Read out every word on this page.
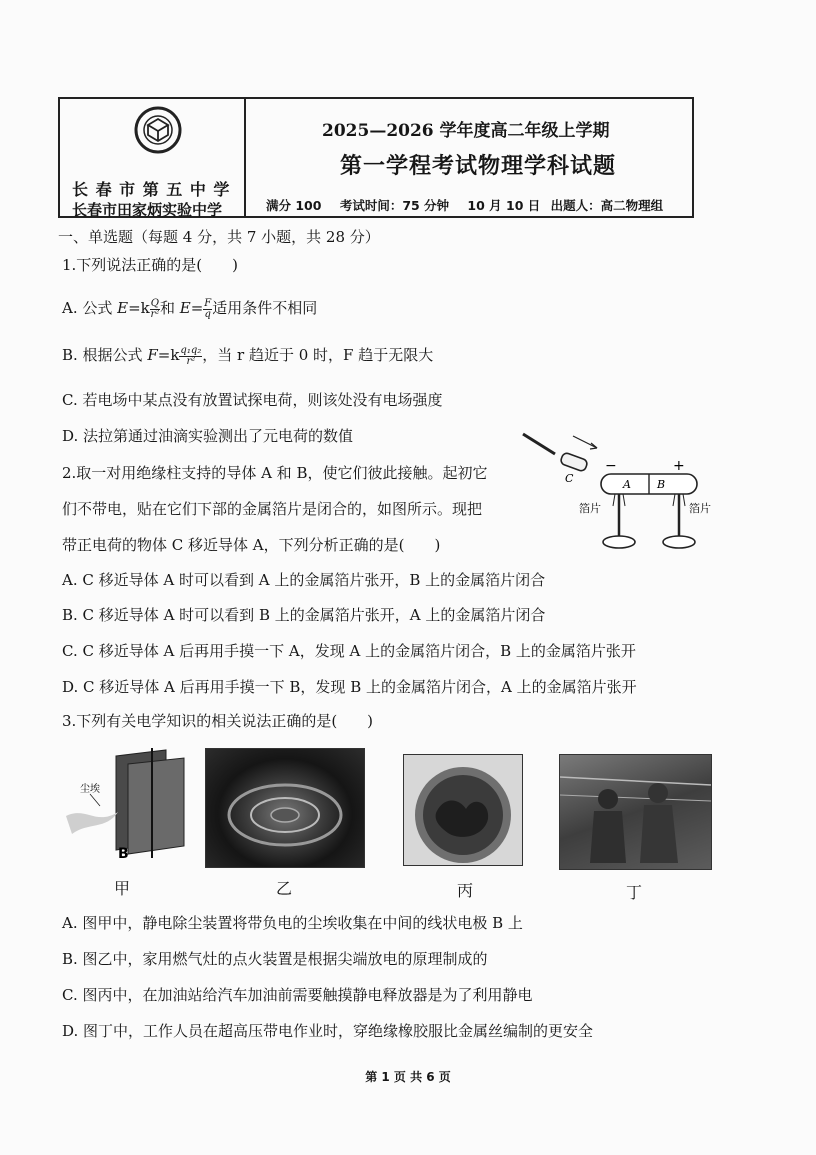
长 春 市 第 五 中 学
长春市田家炳实验中学
2025—2026 学年度高二年级上学期
第一学程考试物理学科试题
满分 100 考试时间：75 分钟 10 月 10 日 出题人：高二物理组
一、单选题（每题 4 分，共 7 小题，共 28 分）
1.下列说法正确的是(　　)
A. 公式 $E=k \frac{Q}{\text{r²}}$ 和 $E= \frac{F}{q}$ 适用条件不相同
B. 根据公式 $F=k \frac{\text{q₁q₂}}{\text{r²}}$ ，当 r 趋近于 0 时，F 趋于无限大
C. 若电场中某点没有放置试探电荷，则该处没有电场强度
D. 法拉第通过油滴实验测出了元电荷的数值
2.取一对用绝缘柱支持的导体 A 和 B，使它们彼此接触。起初它
们不带电，贴在它们下部的金属箔片是闭合的，如图所示。现把
带正电荷的物体 C 移近导体 A，下列分析正确的是(　　)
C	A B
−	+
箔片	箔片
A. C 移近导体 A 时可以看到 A 上的金属箔片张开，B 上的金属箔片闭合
B. C 移近导体 A 时可以看到 B 上的金属箔片张开，A 上的金属箔片闭合
C. C 移近导体 A 后再用手摸一下 A，发现 A 上的金属箔片闭合，B 上的金属箔片张开
D. C 移近导体 A 后再用手摸一下 B，发现 B 上的金属箔片闭合，A 上的金属箔片张开
3.下列有关电学知识的相关说法正确的是(　　)
尘埃
B
甲	乙	丙	丁
A. 图甲中，静电除尘装置将带负电的尘埃收集在中间的线状电极 B 上
B. 图乙中，家用燃气灶的点火装置是根据尖端放电的原理制成的
C. 图丙中，在加油站给汽车加油前需要触摸静电释放器是为了利用静电
D. 图丁中，工作人员在超高压带电作业时，穿绝缘橡胶服比金属丝编制的更安全
第 1 页 共 6 页
